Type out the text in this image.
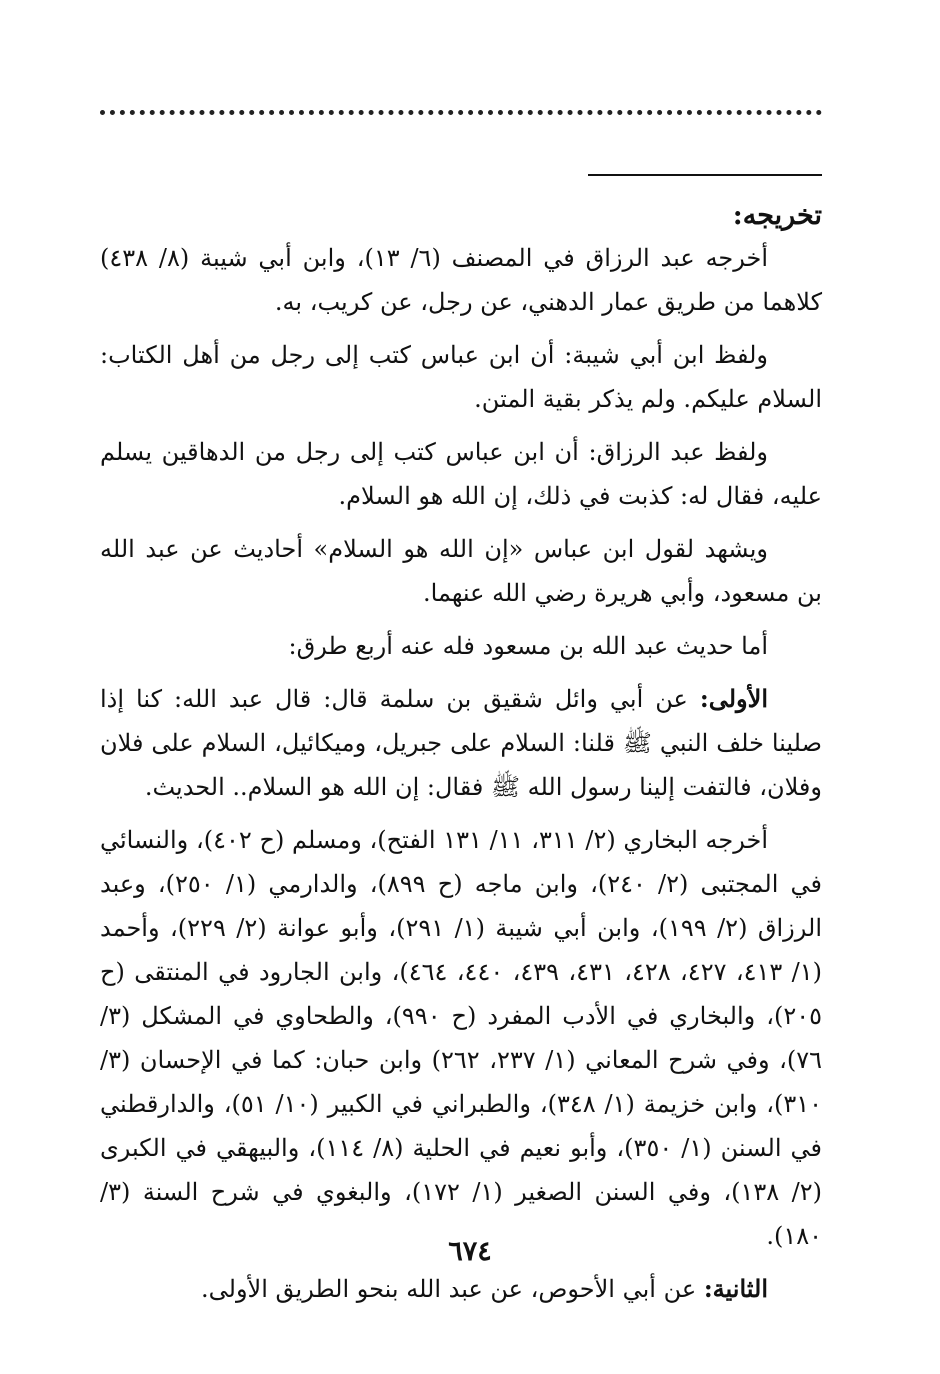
تخريجه:

أخرجه عبد الرزاق في المصنف (٦/ ١٣)، وابن أبي شيبة (٨/ ٤٣٨) كلاهما من طريق عمار الدهني، عن رجل، عن كريب، به.

ولفظ ابن أبي شيبة: أن ابن عباس كتب إلى رجل من أهل الكتاب: السلام عليكم. ولم يذكر بقية المتن.

ولفظ عبد الرزاق: أن ابن عباس كتب إلى رجل من الدهاقين يسلم عليه، فقال له: كذبت في ذلك، إن الله هو السلام.

ويشهد لقول ابن عباس «إن الله هو السلام» أحاديث عن عبد الله بن مسعود، وأبي هريرة رضي الله عنهما.

أما حديث عبد الله بن مسعود فله عنه أربع طرق:

الأولى: عن أبي وائل شقيق بن سلمة قال: قال عبد الله: كنا إذا صلينا خلف النبي ﷺ قلنا: السلام على جبريل، وميكائيل، السلام على فلان وفلان، فالتفت إلينا رسول الله ﷺ فقال: إن الله هو السلام.. الحديث.

أخرجه البخاري (٢/ ٣١١، ١١/ ١٣١ الفتح)، ومسلم (ح ٤٠٢)، والنسائي في المجتبى (٢/ ٢٤٠)، وابن ماجه (ح ٨٩٩)، والدارمي (١/ ٢٥٠)، وعبد الرزاق (٢/ ١٩٩)، وابن أبي شيبة (١/ ٢٩١)، وأبو عوانة (٢/ ٢٢٩)، وأحمد (١/ ٤١٣، ٤٢٧، ٤٢٨، ٤٣١، ٤٣٩، ٤٤٠، ٤٦٤)، وابن الجارود في المنتقى (ح ٢٠٥)، والبخاري في الأدب المفرد (ح ٩٩٠)، والطحاوي في المشكل (٣/ ٧٦)، وفي شرح المعاني (١/ ٢٣٧، ٢٦٢) وابن حبان: كما في الإحسان (٣/ ٣١٠)، وابن خزيمة (١/ ٣٤٨)، والطبراني في الكبير (١٠/ ٥١)، والدارقطني في السنن (١/ ٣٥٠)، وأبو نعيم في الحلية (٨/ ١١٤)، والبيهقي في الكبرى (٢/ ١٣٨)، وفي السنن الصغير (١/ ١٧٢)، والبغوي في شرح السنة (٣/ ١٨٠).

الثانية: عن أبي الأحوص، عن عبد الله بنحو الطريق الأولى.

٦٧٤
